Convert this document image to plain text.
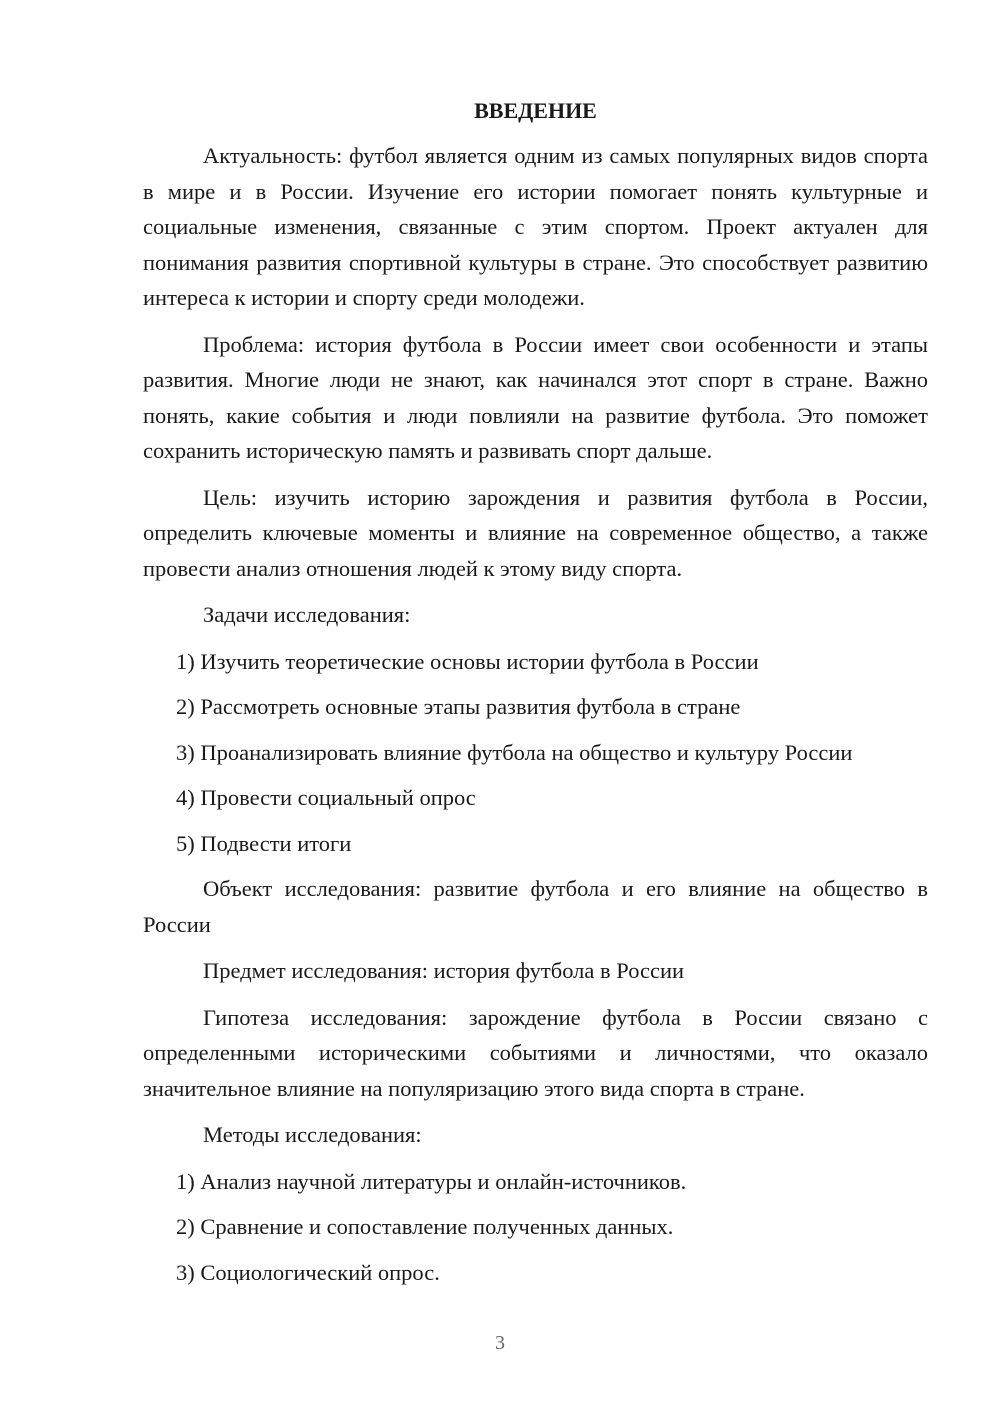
ВВЕДЕНИЕ

Актуальность: футбол является одним из самых популярных видов спорта в мире и в России. Изучение его истории помогает понять культурные и социальные изменения, связанные с этим спортом. Проект актуален для понимания развития спортивной культуры в стране. Это способствует развитию интереса к истории и спорту среди молодежи.

Проблема: история футбола в России имеет свои особенности и этапы развития. Многие люди не знают, как начинался этот спорт в стране. Важно понять, какие события и люди повлияли на развитие футбола. Это поможет сохранить историческую память и развивать спорт дальше.

Цель: изучить историю зарождения и развития футбола в России, определить ключевые моменты и влияние на современное общество, а также провести анализ отношения людей к этому виду спорта.

Задачи исследования:

1) Изучить теоретические основы истории футбола в России
2) Рассмотреть основные этапы развития футбола в стране
3) Проанализировать влияние футбола на общество и культуру России
4) Провести социальный опрос
5) Подвести итоги

Объект исследования: развитие футбола и его влияние на общество в России

Предмет исследования: история футбола в России

Гипотеза исследования: зарождение футбола в России связано с определенными историческими событиями и личностями, что оказало значительное влияние на популяризацию этого вида спорта в стране.

Методы исследования:

1) Анализ научной литературы и онлайн-источников.
2) Сравнение и сопоставление полученных данных.
3) Социологический опрос.
3
